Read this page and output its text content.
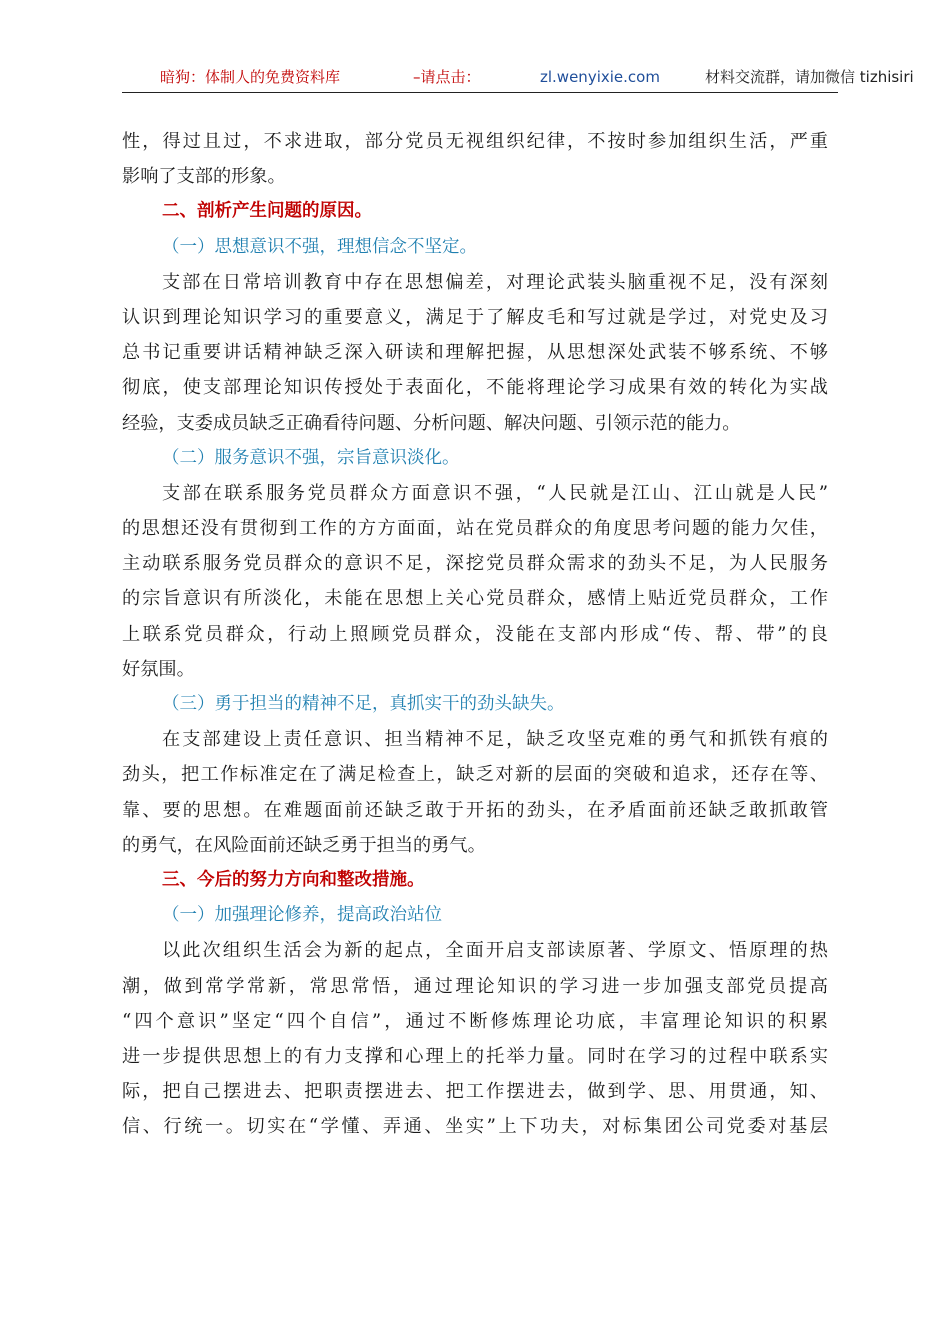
暗狗：体制人的免费资料库	–请点击：	zl.wenyixie.com	材料交流群，请加微信 tizhisiri
性，得过且过，不求进取，部分党员无视组织纪律，不按时参加组织生活，严重
影响了支部的形象。
二、剖析产生问题的原因。
（一）思想意识不强，理想信念不坚定。
支部在日常培训教育中存在思想偏差，对理论武装头脑重视不足，没有深刻
认识到理论知识学习的重要意义，满足于了解皮毛和写过就是学过，对党史及习
总书记重要讲话精神缺乏深入研读和理解把握，从思想深处武装不够系统、不够
彻底，使支部理论知识传授处于表面化，不能将理论学习成果有效的转化为实战
经验，支委成员缺乏正确看待问题、分析问题、解决问题、引领示范的能力。
（二）服务意识不强，宗旨意识淡化。
支部在联系服务党员群众方面意识不强，“人民就是江山、江山就是人民”
的思想还没有贯彻到工作的方方面面，站在党员群众的角度思考问题的能力欠佳，
主动联系服务党员群众的意识不足，深挖党员群众需求的劲头不足，为人民服务
的宗旨意识有所淡化，未能在思想上关心党员群众，感情上贴近党员群众，工作
上联系党员群众，行动上照顾党员群众，没能在支部内形成“传、帮、带”的良
好氛围。
（三）勇于担当的精神不足，真抓实干的劲头缺失。
在支部建设上责任意识、担当精神不足，缺乏攻坚克难的勇气和抓铁有痕的
劲头，把工作标准定在了满足检查上，缺乏对新的层面的突破和追求，还存在等、
靠、要的思想。在难题面前还缺乏敢于开拓的劲头，在矛盾面前还缺乏敢抓敢管
的勇气，在风险面前还缺乏勇于担当的勇气。
三、今后的努力方向和整改措施。
（一）加强理论修养，提高政治站位
以此次组织生活会为新的起点，全面开启支部读原著、学原文、悟原理的热
潮，做到常学常新，常思常悟，通过理论知识的学习进一步加强支部党员提高
“四个意识”坚定“四个自信”，通过不断修炼理论功底，丰富理论知识的积累
进一步提供思想上的有力支撑和心理上的托举力量。同时在学习的过程中联系实
际，把自己摆进去、把职责摆进去、把工作摆进去，做到学、思、用贯通，知、
信、行统一。切实在“学懂、弄通、坐实”上下功夫，对标集团公司党委对基层
